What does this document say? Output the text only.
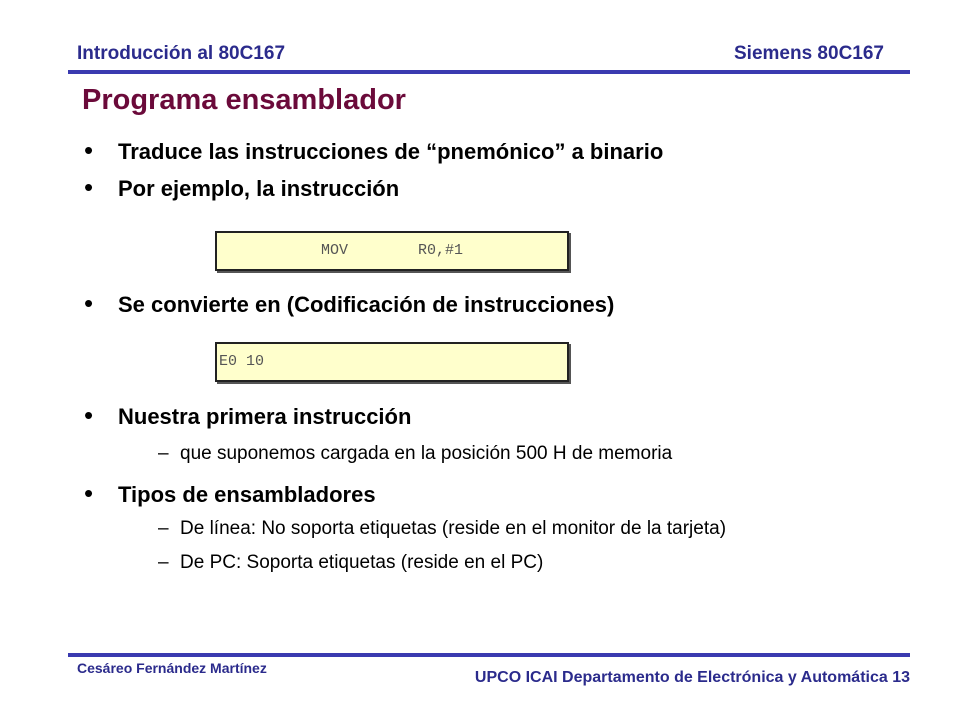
Introducción al 80C167	Siemens 80C167
Programa ensamblador
• Traduce las instrucciones de “pnemónico” a binario
• Por ejemplo, la instrucción
MOV	R0,#1
• Se convierte en (Codificación de instrucciones)
E0 10
• Nuestra primera instrucción
– que suponemos cargada en la posición 500 H de memoria
• Tipos de ensambladores
– De línea: No soporta etiquetas (reside en el monitor de la tarjeta)
– De PC: Soporta etiquetas (reside en el PC)
Cesáreo Fernández Martínez
UPCO ICAI Departamento de Electrónica y Automática 13
